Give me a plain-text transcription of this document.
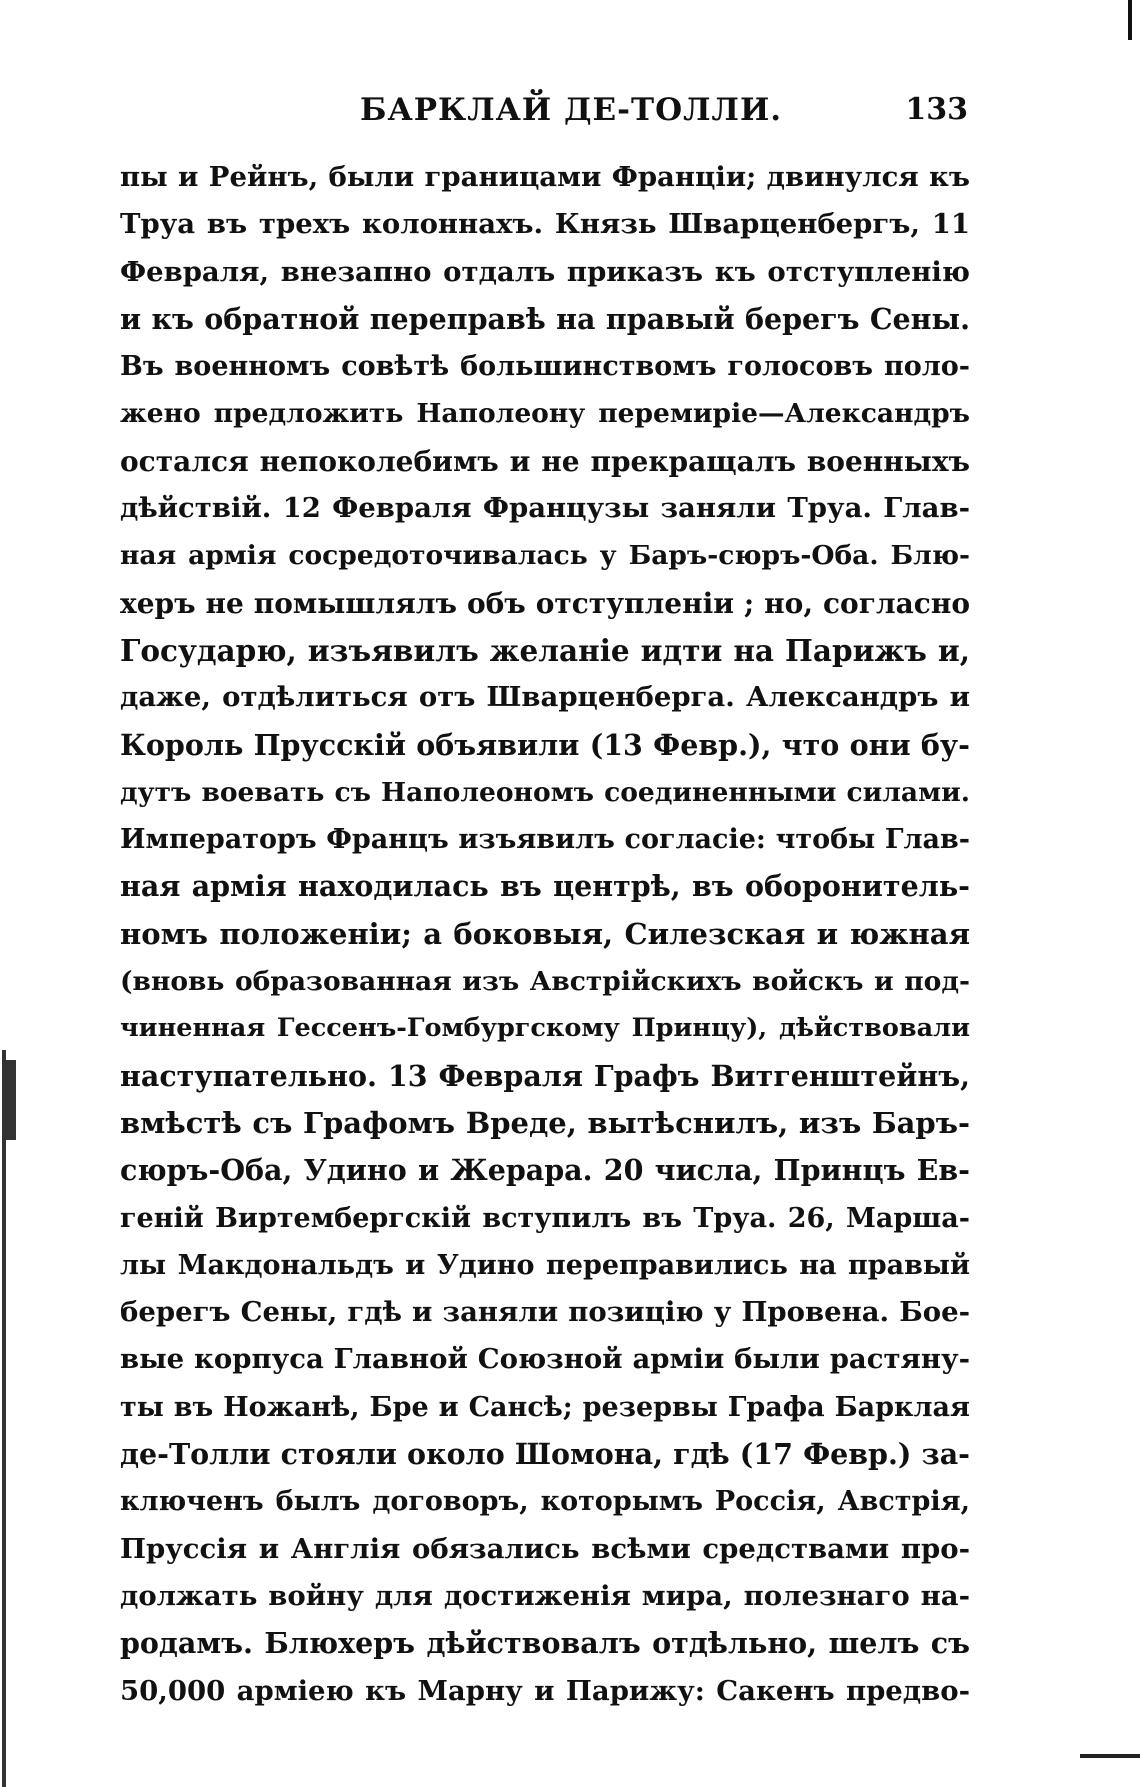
БАРКЛАЙ ДЕ-ТОЛЛИ.	133
пы и Рейнъ, были границами Франціи; двинулся къ
Труа въ трехъ колоннахъ. Князь Шварценбергъ, 11
Февраля, внезапно отдалъ приказъ къ отступленію
и къ обратной переправѣ на правый берегъ Сены.
Въ военномъ совѣтѣ большинствомъ голосовъ поло-
жено предложить Наполеону перемиріе—Александръ
остался непоколебимъ и не прекращалъ военныхъ
дѣйствій. 12 Февраля Французы заняли Труа. Глав-
ная армія сосредоточивалась у Баръ-сюръ-Оба. Блю-
херъ не помышлялъ объ отступленіи ; но, согласно
Государю, изъявилъ желаніе идти на Парижъ и,
даже, отдѣлиться отъ Шварценберга. Александръ и
Король Прусскій объявили (13 Февр.), что они бу-
дутъ воевать съ Наполеономъ соединенными силами.
Императоръ Францъ изъявилъ согласіе: чтобы Глав-
ная армія находилась въ центрѣ, въ оборонитель-
номъ положеніи; а боковыя, Силезская и южная
(вновь образованная изъ Австрійскихъ войскъ и под-
чиненная Гессенъ-Гомбургскому Принцу), дѣйствовали
наступательно. 13 Февраля Графъ Витгенштейнъ,
вмѣстѣ съ Графомъ Вреде, вытѣснилъ, изъ Баръ-
сюръ-Оба, Удино и Жерара. 20 числа, Принцъ Ев-
геній Виртембергскій вступилъ въ Труа. 26, Марша-
лы Макдональдъ и Удино переправились на правый
берегъ Сены, гдѣ и заняли позицію у Провена. Бое-
вые корпуса Главной Союзной арміи были растяну-
ты въ Ножанѣ, Бре и Сансѣ; резервы Графа Барклая
де-Толли стояли около Шомона, гдѣ (17 Февр.) за-
ключенъ былъ договоръ, которымъ Россія, Австрія,
Пруссія и Англія обязались всѣми средствами про-
должать войну для достиженія мира, полезнаго на-
родамъ. Блюхеръ дѣйствовалъ отдѣльно, шелъ съ
50,000 арміею къ Марну и Парижу: Сакенъ предво-
